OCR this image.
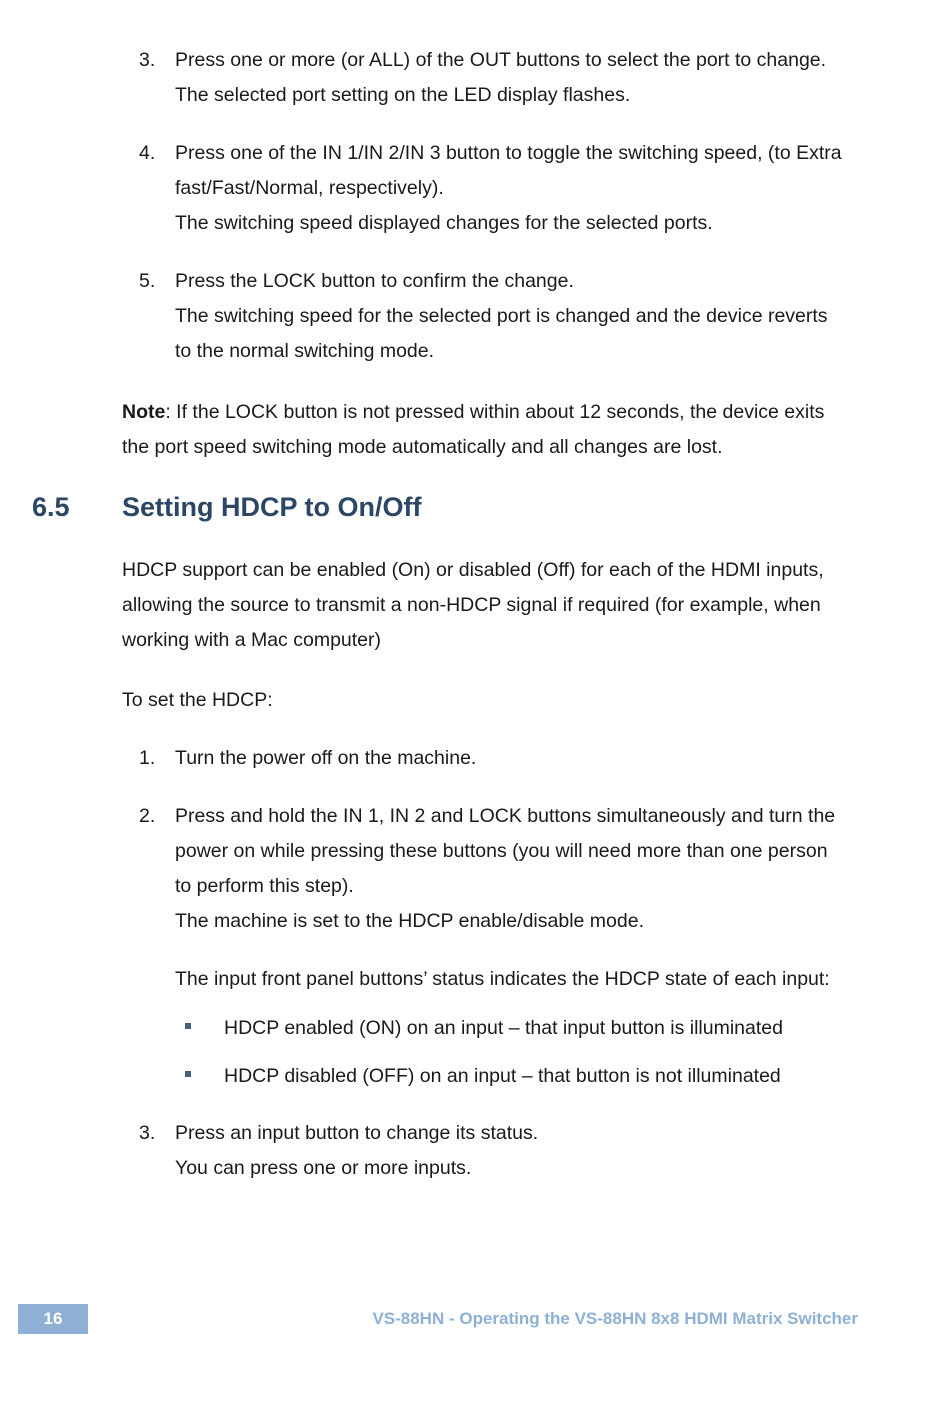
3. Press one or more (or ALL) of the OUT buttons to select the port to change.
The selected port setting on the LED display flashes.
4. Press one of the IN 1/IN 2/IN 3 button to toggle the switching speed, (to Extra
fast/Fast/Normal, respectively).
The switching speed displayed changes for the selected ports.
5. Press the LOCK button to confirm the change.
The switching speed for the selected port is changed and the device reverts
to the normal switching mode.
Note: If the LOCK button is not pressed within about 12 seconds, the device exits
the port speed switching mode automatically and all changes are lost.
6.5 Setting HDCP to On/Off
HDCP support can be enabled (On) or disabled (Off) for each of the HDMI inputs,
allowing the source to transmit a non-HDCP signal if required (for example, when
working with a Mac computer)
To set the HDCP:
1. Turn the power off on the machine.
2. Press and hold the IN 1, IN 2 and LOCK buttons simultaneously and turn the
power on while pressing these buttons (you will need more than one person
to perform this step).
The machine is set to the HDCP enable/disable mode.
The input front panel buttons’ status indicates the HDCP state of each input:
HDCP enabled (ON) on an input – that input button is illuminated
HDCP disabled (OFF) on an input – that button is not illuminated
3. Press an input button to change its status.
You can press one or more inputs.
16	VS-88HN - Operating the VS-88HN 8x8 HDMI Matrix Switcher
